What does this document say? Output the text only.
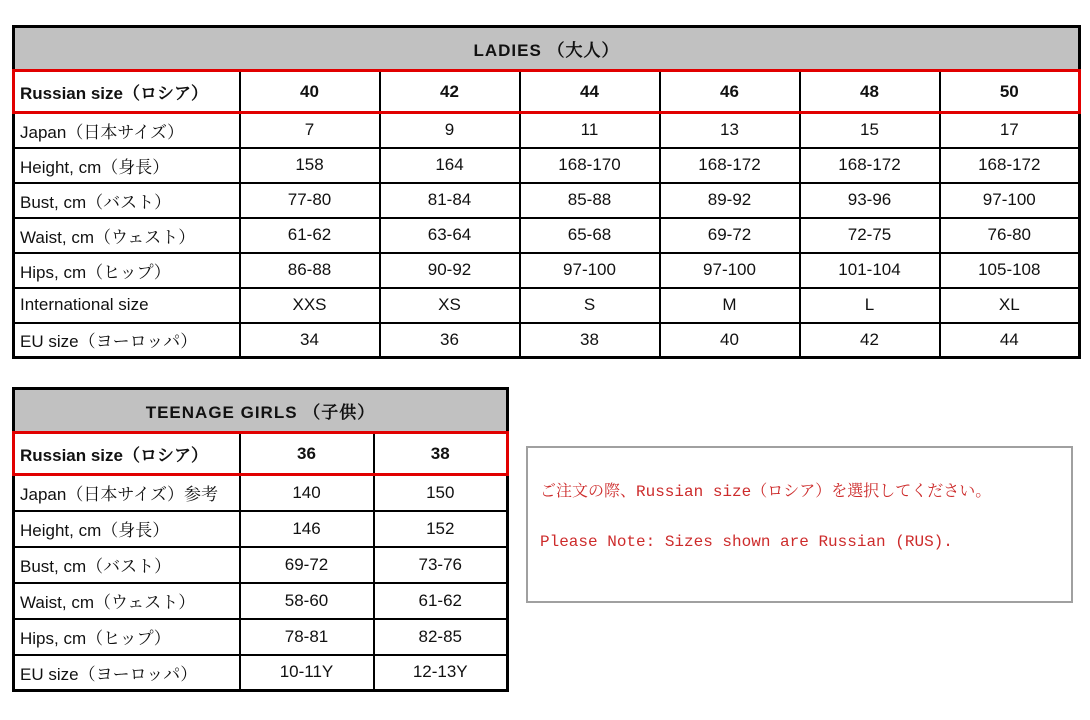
LADIES （大人）						
Russian size（ロシア）	40	42	44	46	48	50
Japan（日本サイズ）	7	9	11	13	15	17
Height, cm（身長）	158	164	168-170	168-172	168-172	168-172
Bust, cm（バスト）	77-80	81-84	85-88	89-92	93-96	97-100
Waist, cm（ウェスト）	61-62	63-64	65-68	69-72	72-75	76-80
Hips, cm（ヒップ）	86-88	90-92	97-100	97-100	101-104	105-108
International size	XXS	XS	S	M	L	XL
EU size（ヨーロッパ）	34	36	38	40	42	44
TEENAGE GIRLS （子供）		
Russian size（ロシア）	36	38
Japan（日本サイズ）参考	140	150
Height, cm（身長）	146	152
Bust, cm（バスト）	69-72	73-76
Waist, cm（ウェスト）	58-60	61-62
Hips, cm（ヒップ）	78-81	82-85
EU size（ヨーロッパ）	10-11Y	12-13Y

ご注文の際、Russian size（ロシア）を選択してください。

Please Note: Sizes shown are Russian (RUS).
